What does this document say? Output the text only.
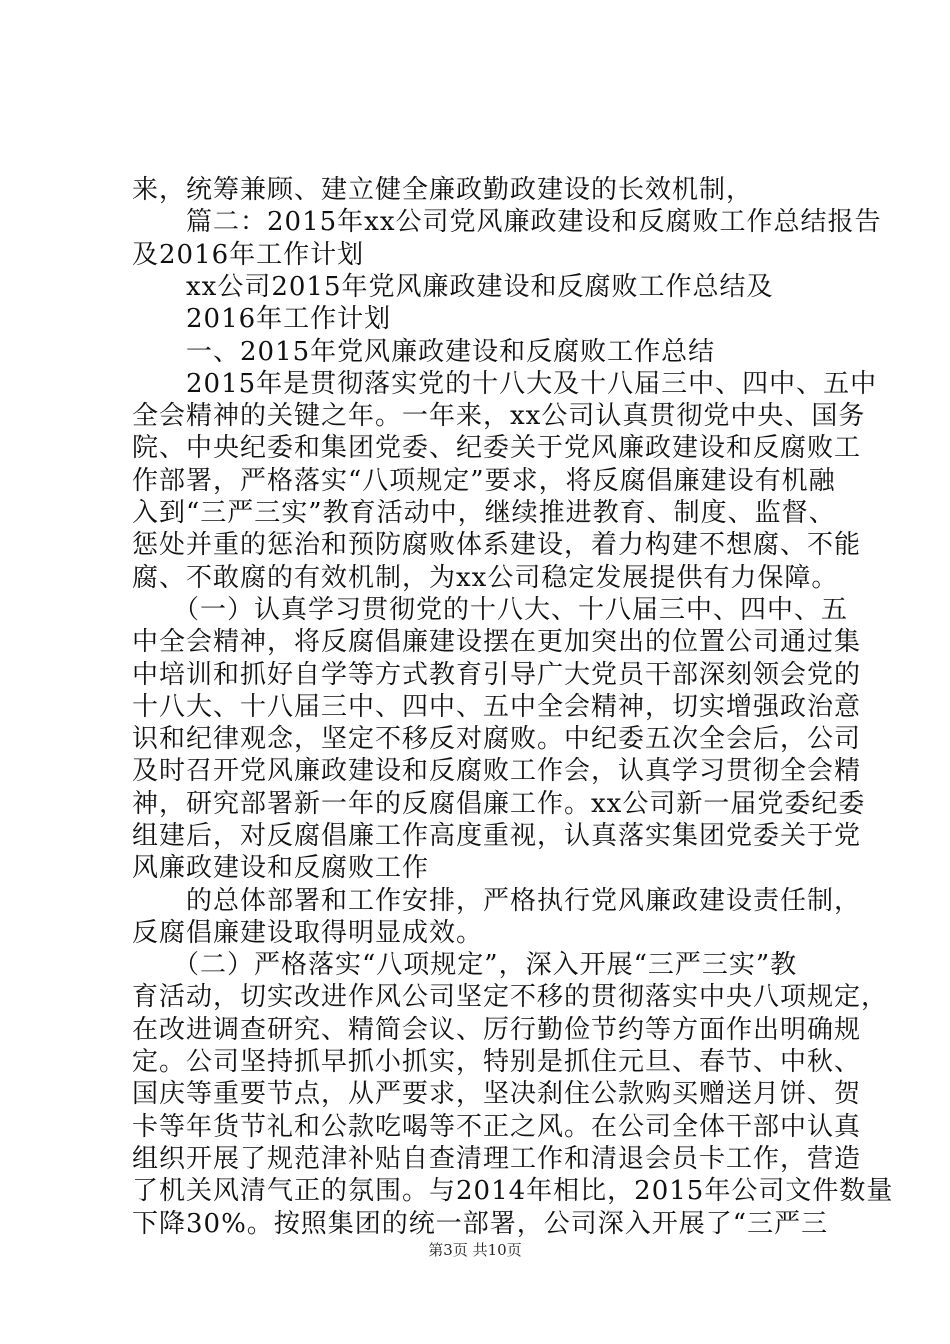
来，统筹兼顾、建立健全廉政勤政建设的长效机制，
　　篇二：2015年xx公司党风廉政建设和反腐败工作总结报告
及2016年工作计划
　　xx公司2015年党风廉政建设和反腐败工作总结及
　　2016年工作计划
　　一、2015年党风廉政建设和反腐败工作总结
　　2015年是贯彻落实党的十八大及十八届三中、四中、五中
全会精神的关键之年。一年来，xx公司认真贯彻党中央、国务
院、中央纪委和集团党委、纪委关于党风廉政建设和反腐败工
作部署，严格落实“八项规定”要求，将反腐倡廉建设有机融
入到“三严三实”教育活动中，继续推进教育、制度、监督、
惩处并重的惩治和预防腐败体系建设，着力构建不想腐、不能
腐、不敢腐的有效机制，为xx公司稳定发展提供有力保障。
　　（一）认真学习贯彻党的十八大、十八届三中、四中、五
中全会精神，将反腐倡廉建设摆在更加突出的位置公司通过集
中培训和抓好自学等方式教育引导广大党员干部深刻领会党的
十八大、十八届三中、四中、五中全会精神，切实增强政治意
识和纪律观念，坚定不移反对腐败。中纪委五次全会后，公司
及时召开党风廉政建设和反腐败工作会，认真学习贯彻全会精
神，研究部署新一年的反腐倡廉工作。xx公司新一届党委纪委
组建后，对反腐倡廉工作高度重视，认真落实集团党委关于党
风廉政建设和反腐败工作
　　的总体部署和工作安排，严格执行党风廉政建设责任制，
反腐倡廉建设取得明显成效。
　　（二）严格落实“八项规定”，深入开展“三严三实”教
育活动，切实改进作风公司坚定不移的贯彻落实中央八项规定，
在改进调查研究、精简会议、厉行勤俭节约等方面作出明确规
定。公司坚持抓早抓小抓实，特别是抓住元旦、春节、中秋、
国庆等重要节点，从严要求，坚决刹住公款购买赠送月饼、贺
卡等年货节礼和公款吃喝等不正之风。在公司全体干部中认真
组织开展了规范津补贴自查清理工作和清退会员卡工作，营造
了机关风清气正的氛围。与2014年相比，2015年公司文件数量
下降30%。按照集团的统一部署，公司深入开展了“三严三
第3页 共10页
